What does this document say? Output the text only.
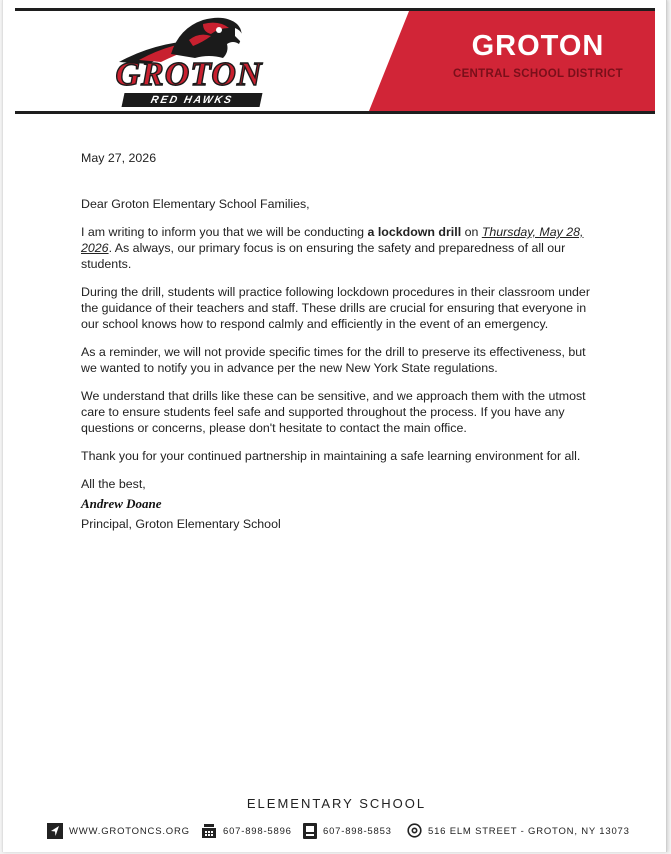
GROTON
RED HAWKS
GROTON
CENTRAL SCHOOL DISTRICT

May 27, 2026

Dear Groton Elementary School Families,

I am writing to inform you that we will be conducting a lockdown drill on Thursday, May 28, 2026. As always, our primary focus is on ensuring the safety and preparedness of all our students.

During the drill, students will practice following lockdown procedures in their classroom under the guidance of their teachers and staff. These drills are crucial for ensuring that everyone in our school knows how to respond calmly and efficiently in the event of an emergency.

As a reminder, we will not provide specific times for the drill to preserve its effectiveness, but we wanted to notify you in advance per the new New York State regulations.

We understand that drills like these can be sensitive, and we approach them with the utmost care to ensure students feel safe and supported throughout the process. If you have any questions or concerns, please don't hesitate to contact the main office.

Thank you for your continued partnership in maintaining a safe learning environment for all.

All the best,

Andrew Doane

Principal, Groton Elementary School

ELEMENTARY SCHOOL
WWW.GROTONCS.ORG	607-898-5896	607-898-5853	516 ELM STREET - GROTON, NY 13073
